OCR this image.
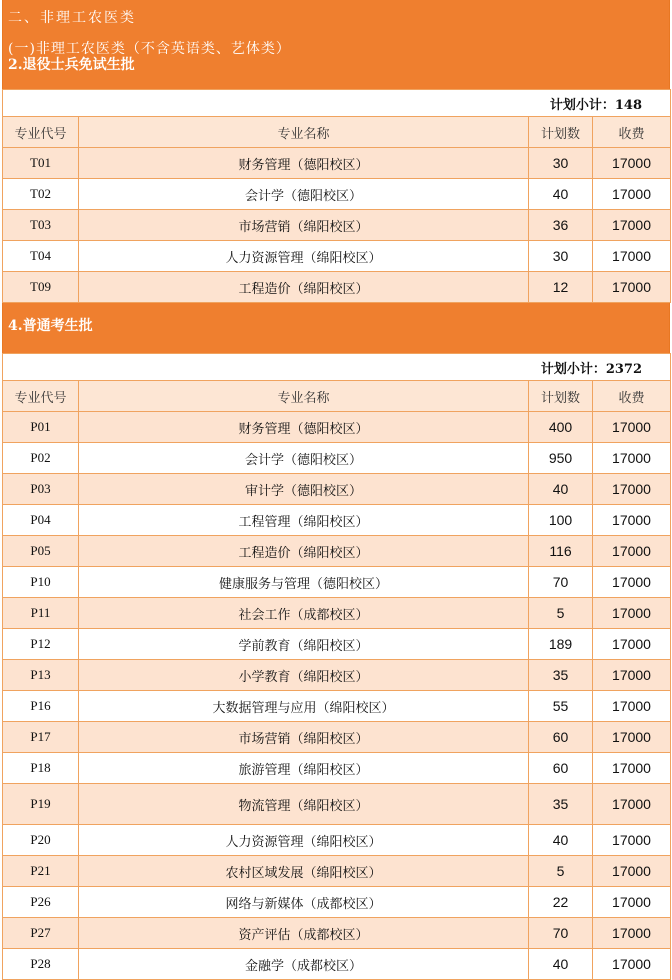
二、非理工农医类
(一)非理工农医类（不含英语类、艺体类）
2.退役士兵免试生批
计划小计：148			
专业代号	专业名称	计划数	收费
T01	财务管理（德阳校区）	30	17000
T02	会计学（德阳校区）	40	17000
T03	市场营销（绵阳校区）	36	17000
T04	人力资源管理（绵阳校区）	30	17000
T09	工程造价（绵阳校区）	12	17000
4.普通考生批
计划小计：2372			
专业代号	专业名称	计划数	收费
P01	财务管理（德阳校区）	400	17000
P02	会计学（德阳校区）	950	17000
P03	审计学（德阳校区）	40	17000
P04	工程管理（绵阳校区）	100	17000
P05	工程造价（绵阳校区）	116	17000
P10	健康服务与管理（德阳校区）	70	17000
P11	社会工作（成都校区）	5	17000
P12	学前教育（绵阳校区）	189	17000
P13	小学教育（绵阳校区）	35	17000
P16	大数据管理与应用（绵阳校区）	55	17000
P17	市场营销（绵阳校区）	60	17000
P18	旅游管理（绵阳校区）	60	17000
P19	物流管理（绵阳校区）	35	17000
P20	人力资源管理（绵阳校区）	40	17000
P21	农村区域发展（绵阳校区）	5	17000
P26	网络与新媒体（成都校区）	22	17000
P27	资产评估（成都校区）	70	17000
P28	金融学（成都校区）	40	17000
